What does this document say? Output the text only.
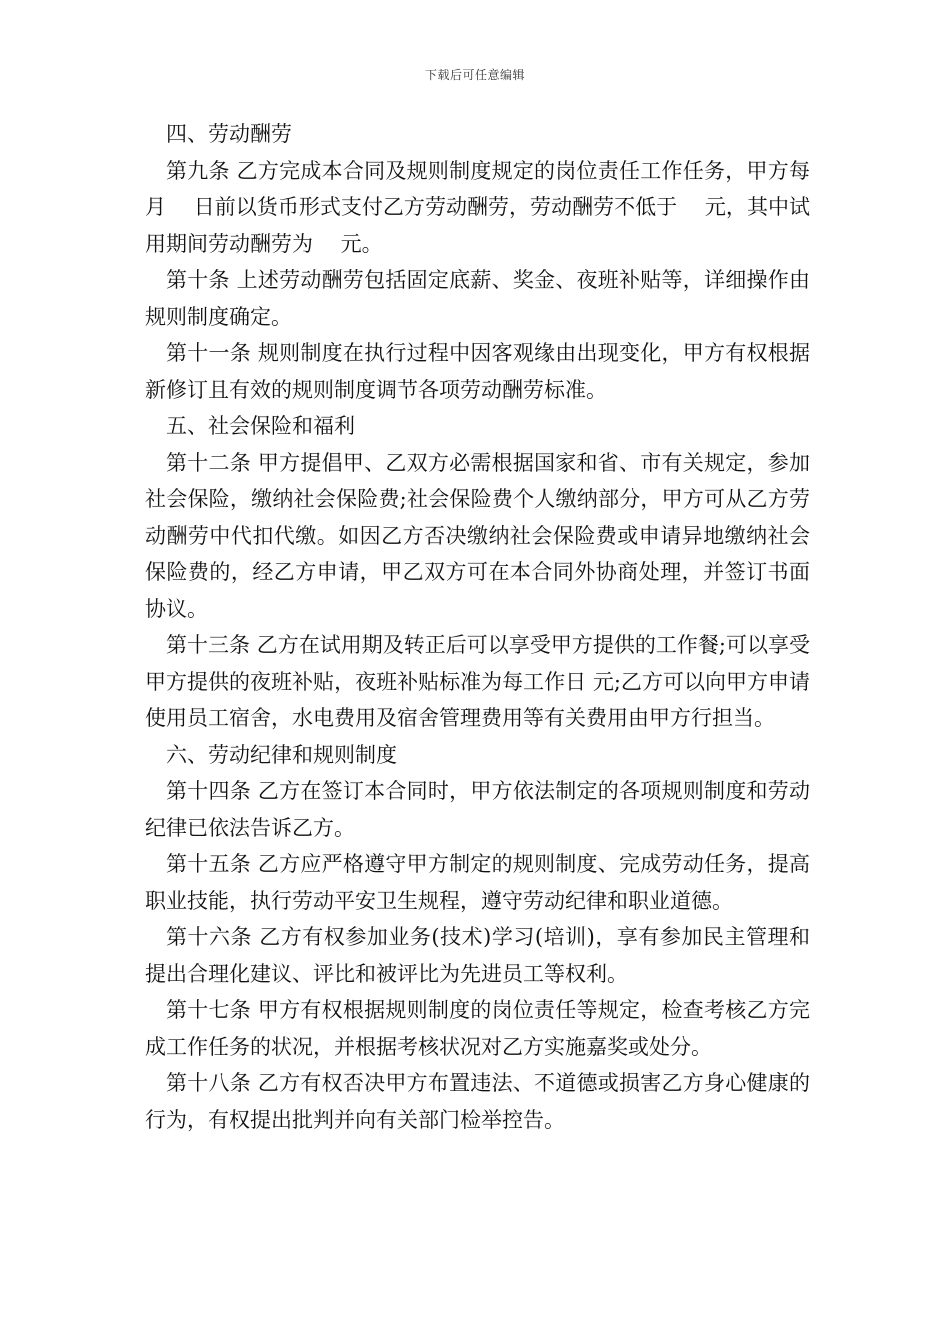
下载后可任意编辑

四、劳动酬劳

第九条 乙方完成本合同及规则制度规定的岗位责任工作任务，甲方每月　 日前以货币形式支付乙方劳动酬劳，劳动酬劳不低于　 元，其中试用期间劳动酬劳为　 元。

第十条 上述劳动酬劳包括固定底薪、奖金、夜班补贴等，详细操作由规则制度确定。

第十一条 规则制度在执行过程中因客观缘由出现变化，甲方有权根据新修订且有效的规则制度调节各项劳动酬劳标准。

五、社会保险和福利

第十二条 甲方提倡甲、乙双方必需根据国家和省、市有关规定，参加社会保险，缴纳社会保险费;社会保险费个人缴纳部分，甲方可从乙方劳动酬劳中代扣代缴。如因乙方否决缴纳社会保险费或申请异地缴纳社会保险费的，经乙方申请，甲乙双方可在本合同外协商处理，并签订书面协议。

第十三条 乙方在试用期及转正后可以享受甲方提供的工作餐;可以享受甲方提供的夜班补贴，夜班补贴标准为每工作日 元;乙方可以向甲方申请使用员工宿舍，水电费用及宿舍管理费用等有关费用由甲方行担当。

六、劳动纪律和规则制度

第十四条 乙方在签订本合同时，甲方依法制定的各项规则制度和劳动纪律已依法告诉乙方。

第十五条 乙方应严格遵守甲方制定的规则制度、完成劳动任务，提高职业技能，执行劳动平安卫生规程，遵守劳动纪律和职业道德。

第十六条 乙方有权参加业务(技术)学习(培训)，享有参加民主管理和提出合理化建议、评比和被评比为先进员工等权利。

第十七条 甲方有权根据规则制度的岗位责任等规定，检查考核乙方完成工作任务的状况，并根据考核状况对乙方实施嘉奖或处分。

第十八条 乙方有权否决甲方布置违法、不道德或损害乙方身心健康的行为，有权提出批判并向有关部门检举控告。
